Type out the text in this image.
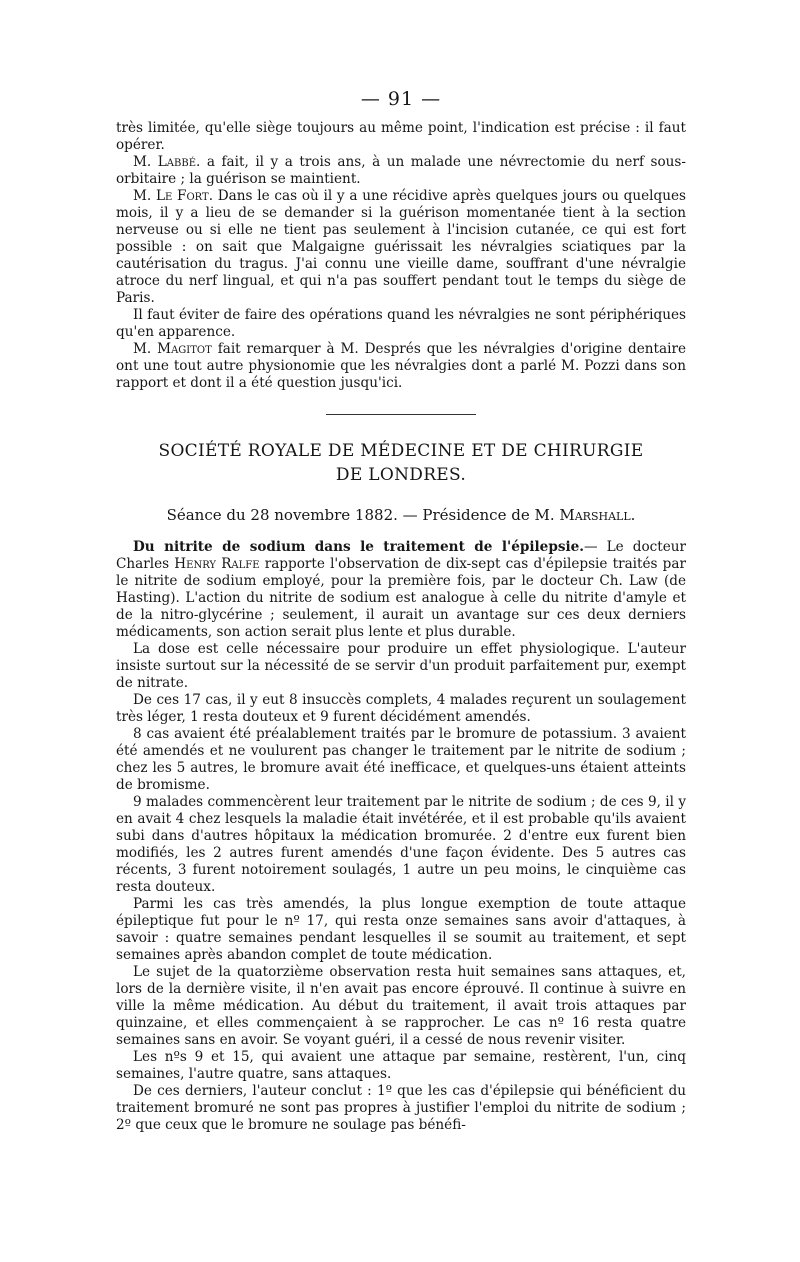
— 91 —

très limitée, qu'elle siège toujours au même point, l'indication est précise : il faut opérer.

M. Labbé. a fait, il y a trois ans, à un malade une névrectomie du nerf sous-orbitaire ; la guérison se maintient.

M. Le Fort. Dans le cas où il y a une récidive après quelques jours ou quelques mois, il y a lieu de se demander si la guérison momentanée tient à la section nerveuse ou si elle ne tient pas seulement à l'incision cutanée, ce qui est fort possible : on sait que Malgaigne guérissait les névralgies sciatiques par la cautérisation du tragus. J'ai connu une vieille dame, souffrant d'une névralgie atroce du nerf lingual, et qui n'a pas souffert pendant tout le temps du siège de Paris.

Il faut éviter de faire des opérations quand les névralgies ne sont périphériques qu'en apparence.

M. Magitot fait remarquer à M. Després que les névralgies d'origine dentaire ont une tout autre physionomie que les névralgies dont a parlé M. Pozzi dans son rapport et dont il a été question jusqu'ici.

SOCIÉTÉ ROYALE DE MÉDECINE ET DE CHIRURGIE
DE LONDRES.
Séance du 28 novembre 1882. — Présidence de M. Marshall.

Du nitrite de sodium dans le traitement de l'épilepsie.— Le docteur Charles Henry Ralfe rapporte l'observation de dix-sept cas d'épilepsie traités par le nitrite de sodium employé, pour la première fois, par le docteur Ch. Law (de Hasting). L'action du nitrite de sodium est analogue à celle du nitrite d'amyle et de la nitro-glycérine ; seulement, il aurait un avantage sur ces deux derniers médicaments, son action serait plus lente et plus durable.

La dose est celle nécessaire pour produire un effet physiologique. L'auteur insiste surtout sur la nécessité de se servir d'un produit parfaitement pur, exempt de nitrate.

De ces 17 cas, il y eut 8 insuccès complets, 4 malades reçurent un soulagement très léger, 1 resta douteux et 9 furent décidément amendés.

8 cas avaient été préalablement traités par le bromure de potassium. 3 avaient été amendés et ne voulurent pas changer le traitement par le nitrite de sodium ; chez les 5 autres, le bromure avait été inefficace, et quelques-uns étaient atteints de bromisme.

9 malades commencèrent leur traitement par le nitrite de sodium ; de ces 9, il y en avait 4 chez lesquels la maladie était invétérée, et il est probable qu'ils avaient subi dans d'autres hôpitaux la médication bromurée. 2 d'entre eux furent bien modifiés, les 2 autres furent amendés d'une façon évidente. Des 5 autres cas récents, 3 furent notoirement soulagés, 1 autre un peu moins, le cinquième cas resta douteux.

Parmi les cas très amendés, la plus longue exemption de toute attaque épileptique fut pour le nº 17, qui resta onze semaines sans avoir d'attaques, à savoir : quatre semaines pendant lesquelles il se soumit au traitement, et sept semaines après abandon complet de toute médication.

Le sujet de la quatorzième observation resta huit semaines sans attaques, et, lors de la dernière visite, il n'en avait pas encore éprouvé. Il continue à suivre en ville la même médication. Au début du traitement, il avait trois attaques par quinzaine, et elles commençaient à se rapprocher. Le cas nº 16 resta quatre semaines sans en avoir. Se voyant guéri, il a cessé de nous revenir visiter.

Les nºs 9 et 15, qui avaient une attaque par semaine, restèrent, l'un, cinq semaines, l'autre quatre, sans attaques.

De ces derniers, l'auteur conclut : 1º que les cas d'épilepsie qui bénéficient du traitement bromuré ne sont pas propres à justifier l'emploi du nitrite de sodium ; 2º que ceux que le bromure ne soulage pas bénéfi-
